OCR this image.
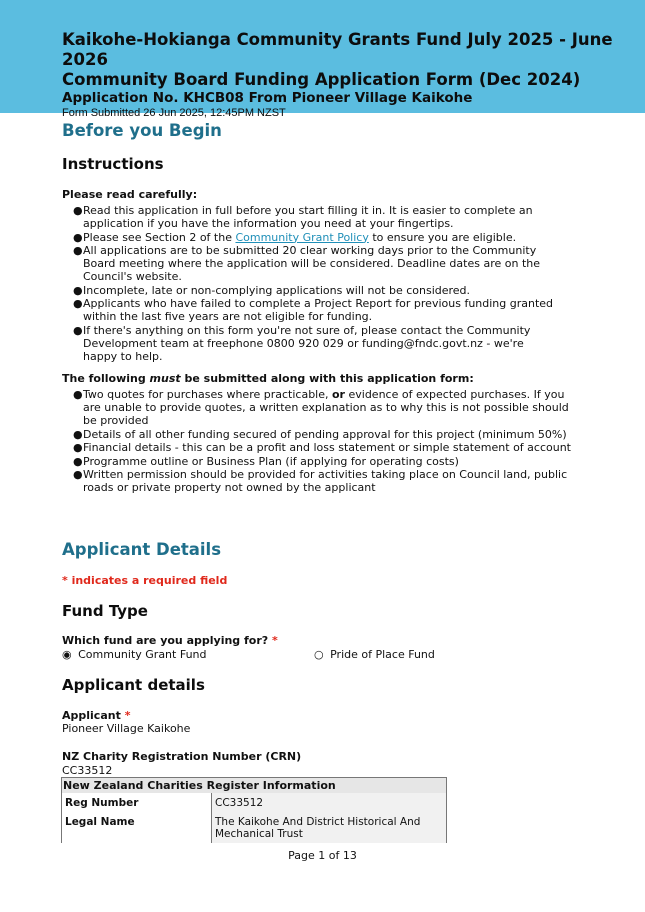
Kaikohe-Hokianga Community Grants Fund July 2025 - June 2026
Community Board Funding Application Form (Dec 2024)
Application No. KHCB08 From Pioneer Village Kaikohe
Form Submitted 26 Jun 2025, 12:45PM NZST
Before you Begin
Instructions
Please read carefully:
● Read this application in full before you start filling it in. It is easier to complete an application if you have the information you need at your fingertips.
● Please see Section 2 of the Community Grant Policy to ensure you are eligible.
● All applications are to be submitted 20 clear working days prior to the Community Board meeting where the application will be considered. Deadline dates are on the Council's website.
● Incomplete, late or non-complying applications will not be considered.
● Applicants who have failed to complete a Project Report for previous funding granted within the last five years are not eligible for funding.
● If there's anything on this form you're not sure of, please contact the Community Development team at freephone 0800 920 029 or funding@fndc.govt.nz - we're happy to help.
The following must be submitted along with this application form:
● Two quotes for purchases where practicable, or evidence of expected purchases. If you are unable to provide quotes, a written explanation as to why this is not possible should be provided
● Details of all other funding secured of pending approval for this project (minimum 50%)
● Financial details - this can be a profit and loss statement or simple statement of account
● Programme outline or Business Plan (if applying for operating costs)
● Written permission should be provided for activities taking place on Council land, public roads or private property not owned by the applicant
Applicant Details
* indicates a required field
Fund Type
Which fund are you applying for? *
◉ Community Grant Fund	○ Pride of Place Fund
Applicant details
Applicant *
Pioneer Village Kaikohe
NZ Charity Registration Number (CRN)
CC33512
New Zealand Charities Register Information	
Reg Number	CC33512
Legal Name	The Kaikohe And District Historical And Mechanical Trust
Page 1 of 13
